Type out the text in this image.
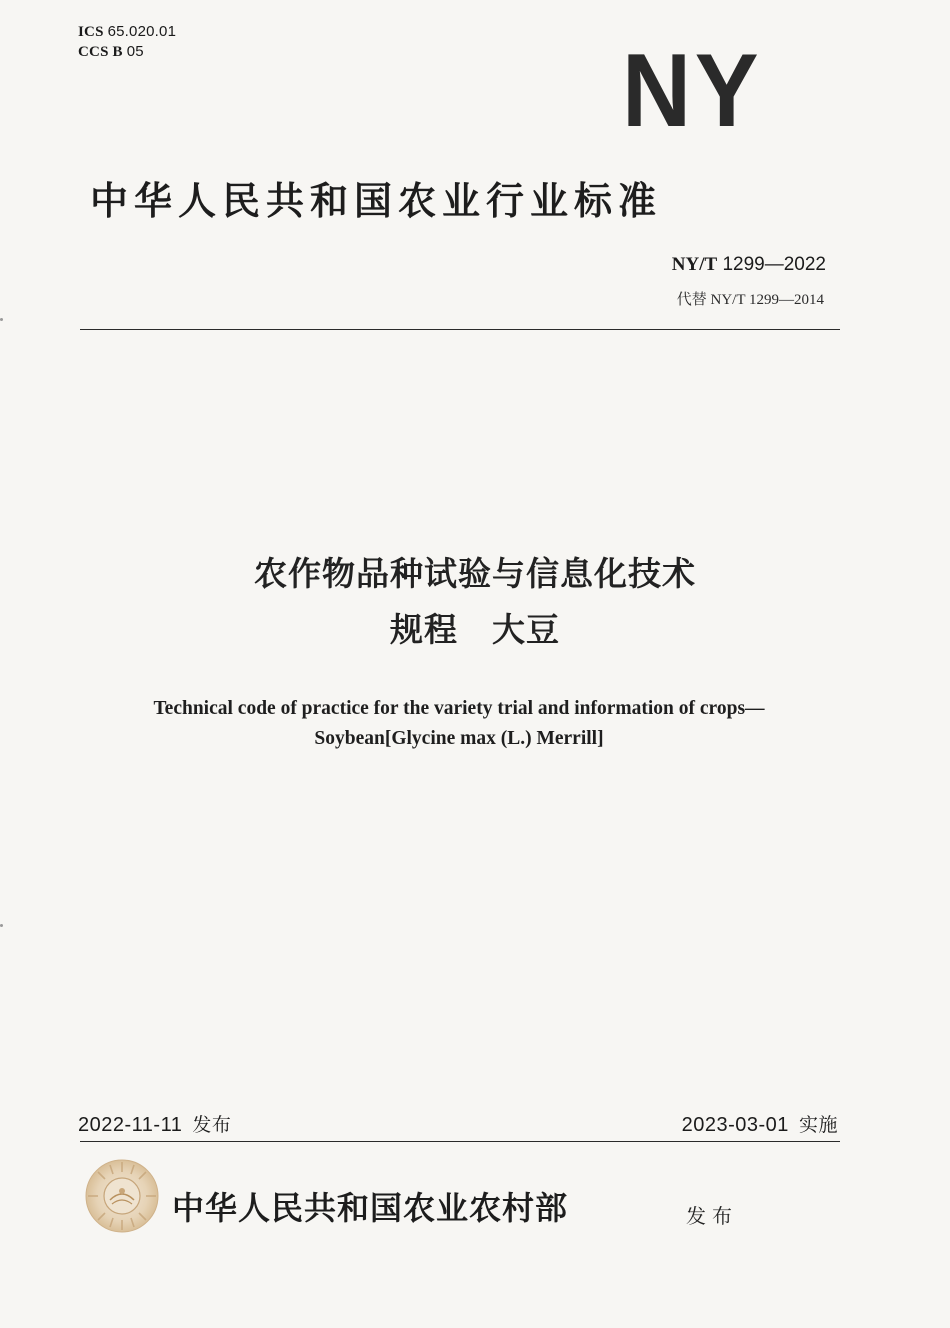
ICS 65.020.01
CCS B 05	NY
中华人民共和国农业行业标准
NY/T 1299—2022
代替 NY/T 1299—2014
农作物品种试验与信息化技术
规程　大豆
Technical code of practice for the variety trial and information of crops—
Soybean[Glycine max (L.) Merrill]
2022-11-11 发布	2023-03-01 实施
中华人民共和国农业农村部	发布
